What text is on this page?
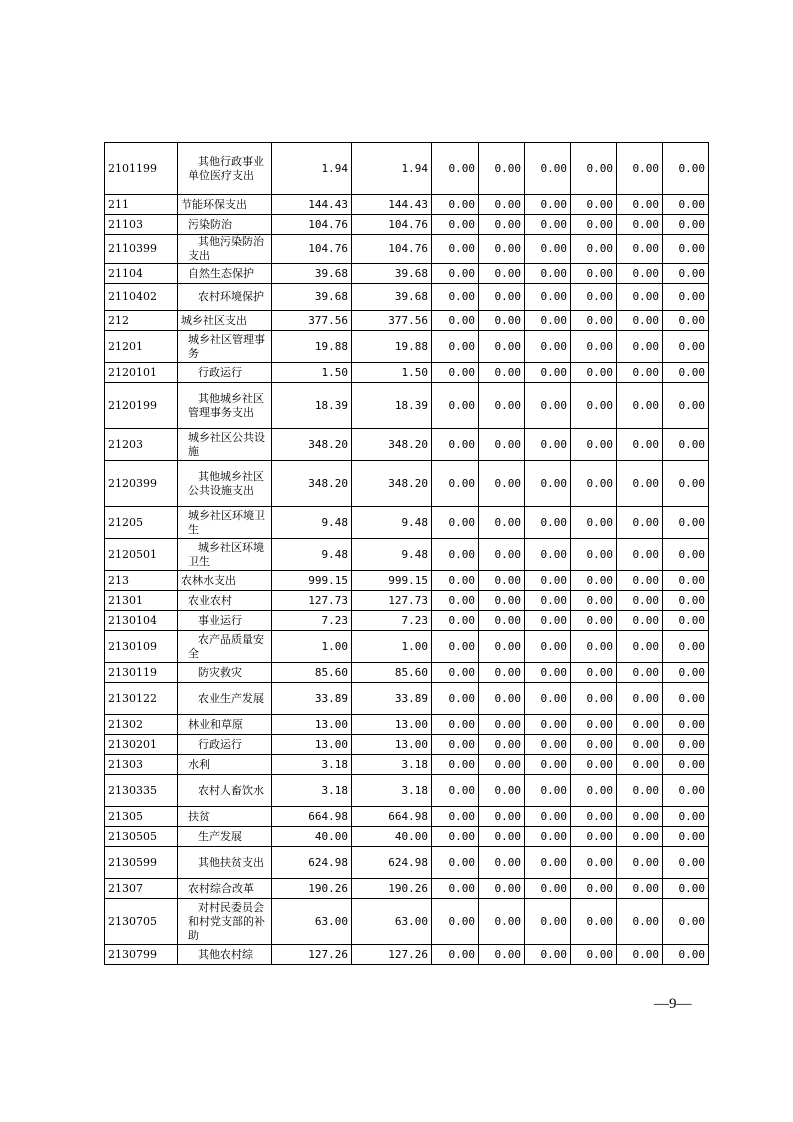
2101199	其他行政事业单位医疗支出	1.94	1.94	0.00	0.00	0.00	0.00	0.00	0.00
211	节能环保支出	144.43	144.43	0.00	0.00	0.00	0.00	0.00	0.00
21103	污染防治	104.76	104.76	0.00	0.00	0.00	0.00	0.00	0.00
2110399	其他污染防治支出	104.76	104.76	0.00	0.00	0.00	0.00	0.00	0.00
21104	自然生态保护	39.68	39.68	0.00	0.00	0.00	0.00	0.00	0.00
2110402	农村环境保护	39.68	39.68	0.00	0.00	0.00	0.00	0.00	0.00
212	城乡社区支出	377.56	377.56	0.00	0.00	0.00	0.00	0.00	0.00
21201	城乡社区管理事务	19.88	19.88	0.00	0.00	0.00	0.00	0.00	0.00
2120101	行政运行	1.50	1.50	0.00	0.00	0.00	0.00	0.00	0.00
2120199	其他城乡社区管理事务支出	18.39	18.39	0.00	0.00	0.00	0.00	0.00	0.00
21203	城乡社区公共设施	348.20	348.20	0.00	0.00	0.00	0.00	0.00	0.00
2120399	其他城乡社区公共设施支出	348.20	348.20	0.00	0.00	0.00	0.00	0.00	0.00
21205	城乡社区环境卫生	9.48	9.48	0.00	0.00	0.00	0.00	0.00	0.00
2120501	城乡社区环境卫生	9.48	9.48	0.00	0.00	0.00	0.00	0.00	0.00
213	农林水支出	999.15	999.15	0.00	0.00	0.00	0.00	0.00	0.00
21301	农业农村	127.73	127.73	0.00	0.00	0.00	0.00	0.00	0.00
2130104	事业运行	7.23	7.23	0.00	0.00	0.00	0.00	0.00	0.00
2130109	农产品质量安全	1.00	1.00	0.00	0.00	0.00	0.00	0.00	0.00
2130119	防灾救灾	85.60	85.60	0.00	0.00	0.00	0.00	0.00	0.00
2130122	农业生产发展	33.89	33.89	0.00	0.00	0.00	0.00	0.00	0.00
21302	林业和草原	13.00	13.00	0.00	0.00	0.00	0.00	0.00	0.00
2130201	行政运行	13.00	13.00	0.00	0.00	0.00	0.00	0.00	0.00
21303	水利	3.18	3.18	0.00	0.00	0.00	0.00	0.00	0.00
2130335	农村人畜饮水	3.18	3.18	0.00	0.00	0.00	0.00	0.00	0.00
21305	扶贫	664.98	664.98	0.00	0.00	0.00	0.00	0.00	0.00
2130505	生产发展	40.00	40.00	0.00	0.00	0.00	0.00	0.00	0.00
2130599	其他扶贫支出	624.98	624.98	0.00	0.00	0.00	0.00	0.00	0.00
21307	农村综合改革	190.26	190.26	0.00	0.00	0.00	0.00	0.00	0.00
2130705	对村民委员会和村党支部的补助	63.00	63.00	0.00	0.00	0.00	0.00	0.00	0.00
2130799	其他农村综	127.26	127.26	0.00	0.00	0.00	0.00	0.00	0.00
—9—
